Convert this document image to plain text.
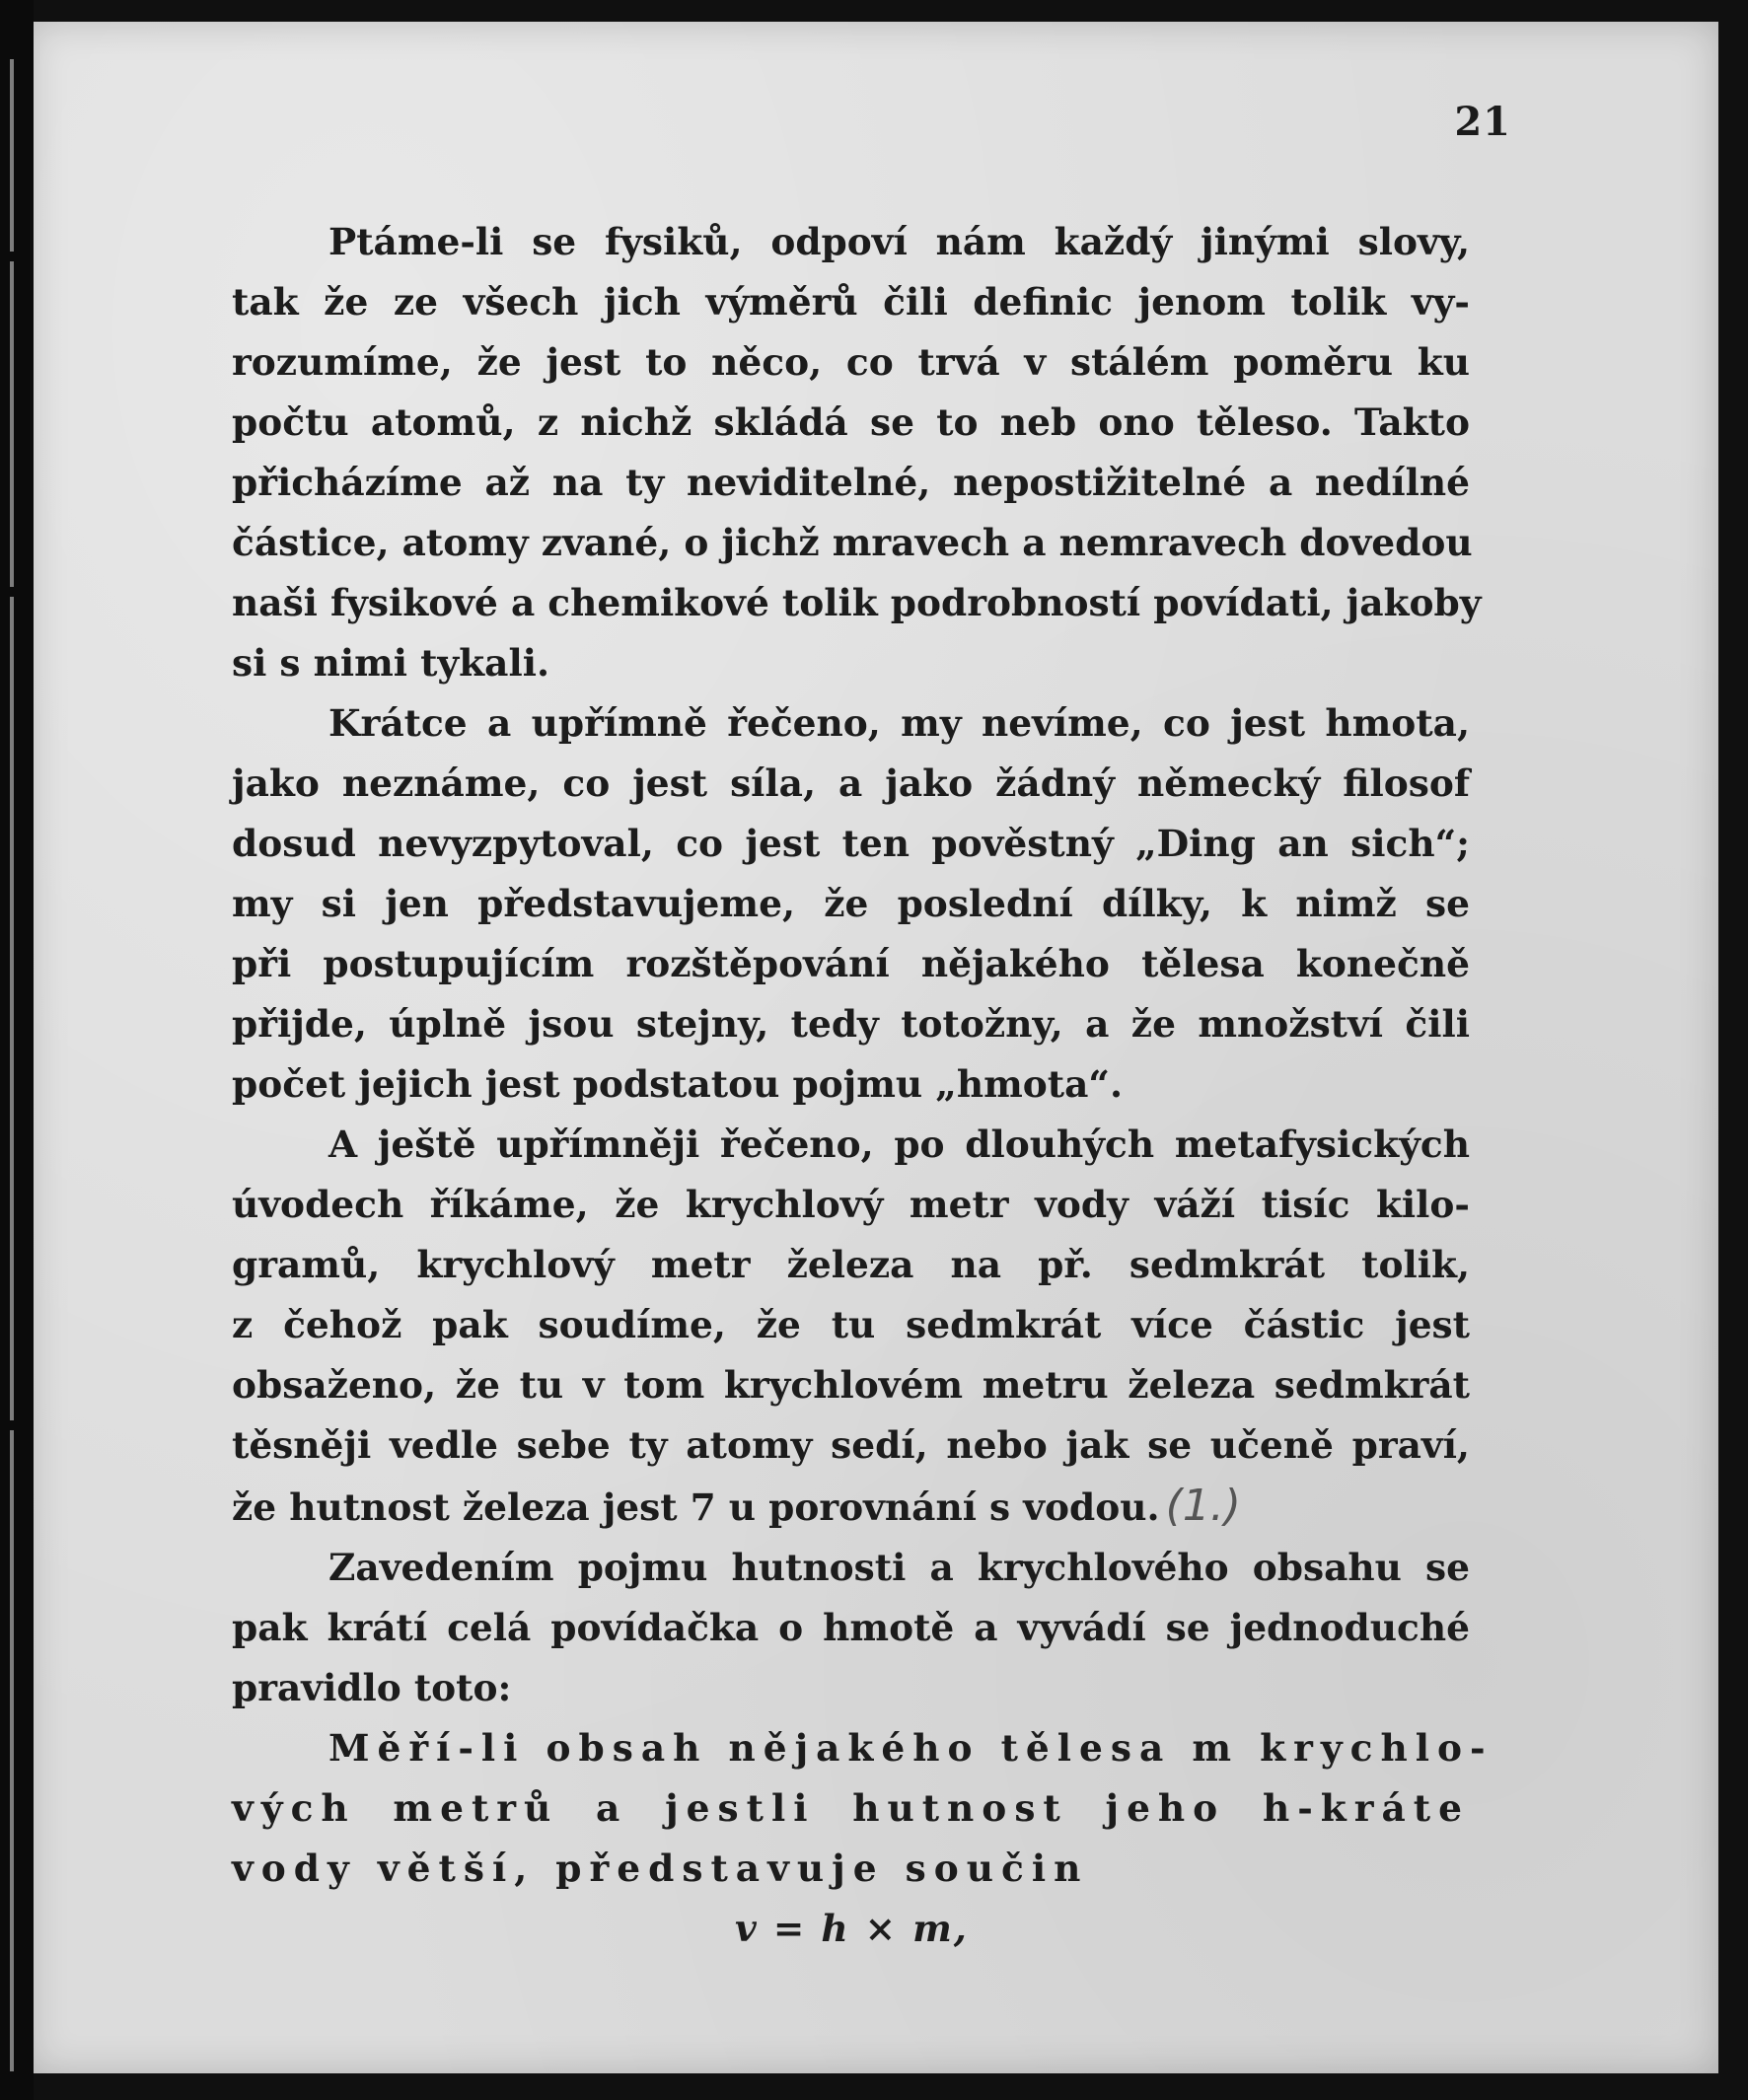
21

Ptáme-li se fysiků, odpoví nám každý jinými slovy,
tak že ze všech jich výměrů čili definic jenom tolik vy-
rozumíme, že jest to něco, co trvá v stálém poměru ku
počtu atomů, z nichž skládá se to neb ono těleso. Takto
přicházíme až na ty neviditelné, nepostižitelné a nedílné
částice, atomy zvané, o jichž mravech a nemravech dovedou
naši fysikové a chemikové tolik podrobností povídati, jakoby
si s nimi tykali.

Krátce a upřímně řečeno, my nevíme, co jest hmota,
jako neznáme, co jest síla, a jako žádný německý filosof
dosud nevyzpytoval, co jest ten pověstný „Ding an sich“;
my si jen představujeme, že poslední dílky, k nimž se
při postupujícím rozštěpování nějakého tělesa konečně
přijde, úplně jsou stejny, tedy totožny, a že množství čili
počet jejich jest podstatou pojmu „hmota“.

A ještě upřímněji řečeno, po dlouhých metafysických
úvodech říkáme, že krychlový metr vody váží tisíc kilo-
gramů, krychlový metr železa na př. sedmkrát tolik,
z čehož pak soudíme, že tu sedmkrát více částic jest
obsaženo, že tu v tom krychlovém metru železa sedmkrát
těsněji vedle sebe ty atomy sedí, nebo jak se učeně praví,
že hutnost železa jest 7 u porovnání s vodou. (1.)

Zavedením pojmu hutnosti a krychlového obsahu se
pak krátí celá povídačka o hmotě a vyvádí se jednoduché
pravidlo toto:

Měří-li obsah nějakého tělesa m krychlo-
vých metrů a jestli hutnost jeho h-kráte
vody větší, představuje součin

v = h × m,
